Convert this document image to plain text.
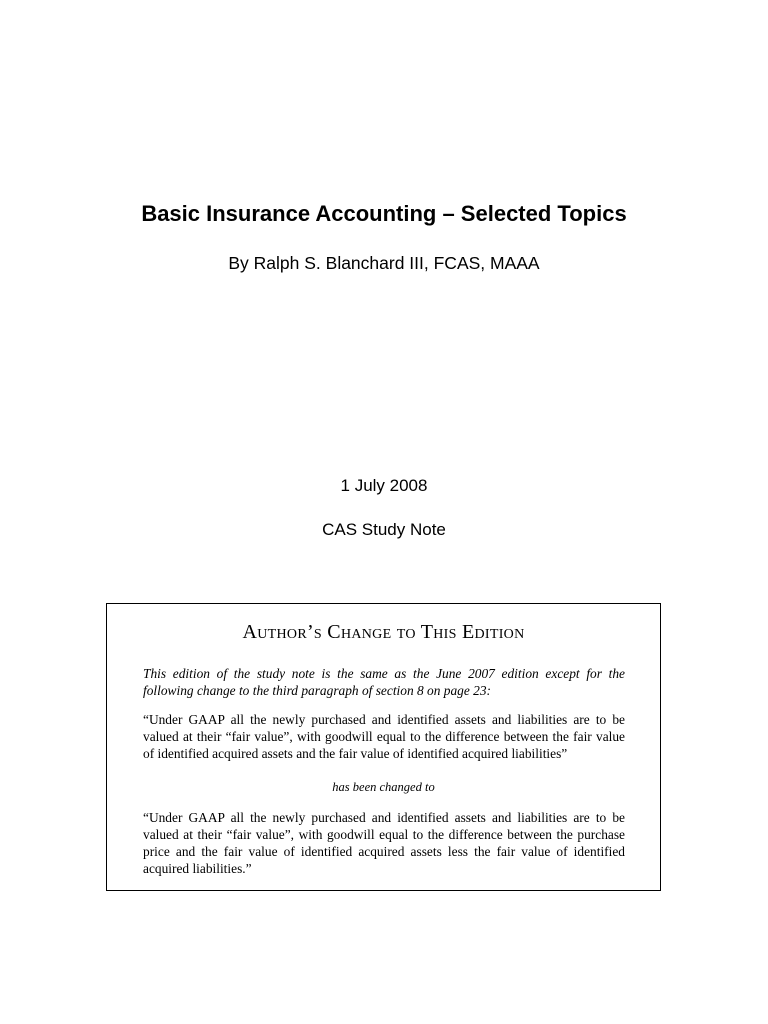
Basic Insurance Accounting – Selected Topics
By Ralph S. Blanchard III, FCAS, MAAA
1 July 2008
CAS Study Note
Author’s Change to This Edition
This edition of the study note is the same as the June 2007 edition except for the following change to the third paragraph of section 8 on page 23:
“Under GAAP all the newly purchased and identified assets and liabilities are to be valued at their “fair value”, with goodwill equal to the difference between the fair value of identified acquired assets and the fair value of identified acquired liabilities”
has been changed to
“Under GAAP all the newly purchased and identified assets and liabilities are to be valued at their “fair value”, with goodwill equal to the difference between the purchase price and the fair value of identified acquired assets less the fair value of identified acquired liabilities.”
